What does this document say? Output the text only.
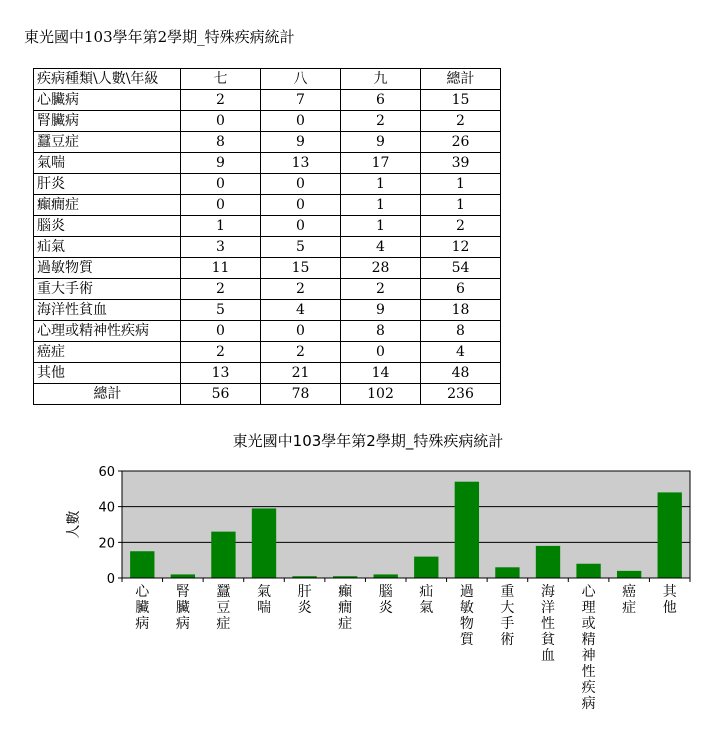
東光國中103學年第2學期_特殊疾病統計
疾病種類\人數\年級	七	八	九	總計
心臟病	2	7	6	15
腎臟病	0	0	2	2
蠶豆症	8	9	9	26
氣喘	9	13	17	39
肝炎	0	0	1	1
癲癇症	0	0	1	1
腦炎	1	0	1	2
疝氣	3	5	4	12
過敏物質	11	15	28	54
重大手術	2	2	2	6
海洋性貧血	5	4	9	18
心理或精神性疾病	0	0	8	8
癌症	2	2	0	4
其他	13	21	14	48
總計	56	78	102	236
東光國中103學年第2學期_特殊疾病統計
0
20
40
60
人數
心臟病
腎臟病
蠶豆症
氣喘
肝炎
癲癇症
腦炎
疝氣
過敏物質
重大手術
海洋性貧血
心理或精神性疾病
癌症
其他
